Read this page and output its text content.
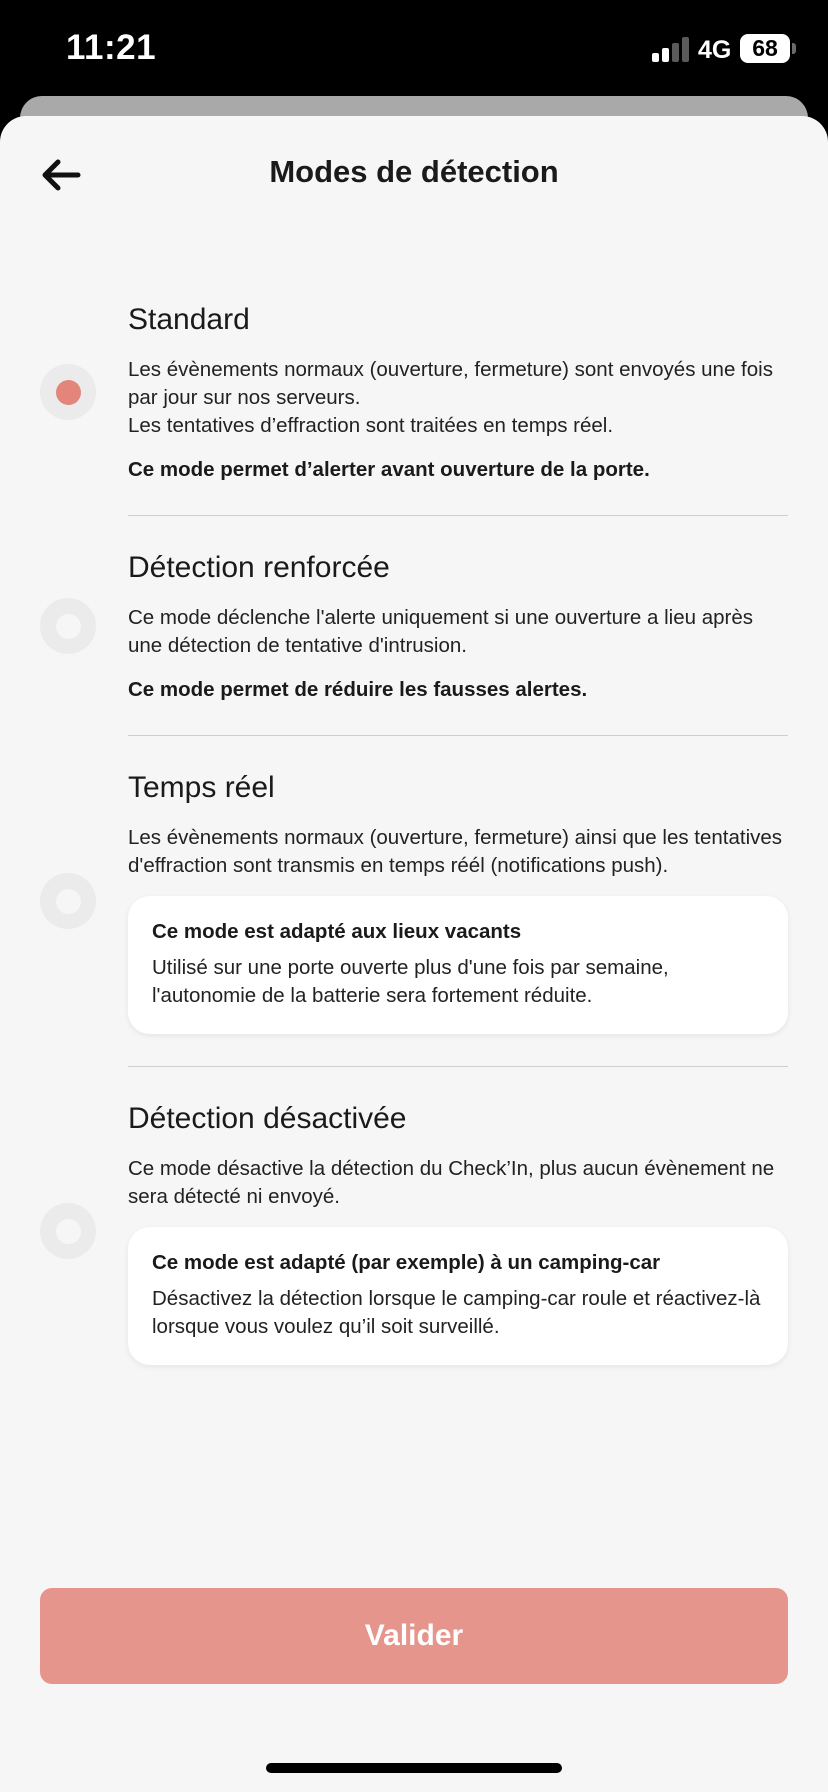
11:21	4G 68
Modes de détection
Standard
Les évènements normaux (ouverture, fermeture) sont envoyés une fois par jour sur nos serveurs.
Les tentatives d’effraction sont traitées en temps réel.
Ce mode permet d’alerter avant ouverture de la porte.
Détection renforcée
Ce mode déclenche l'alerte uniquement si une ouverture a lieu après une détection de tentative d'intrusion.
Ce mode permet de réduire les fausses alertes.
Temps réel
Les évènements normaux (ouverture, fermeture) ainsi que les tentatives d'effraction sont transmis en temps réél (notifications push).
Ce mode est adapté aux lieux vacants
Utilisé sur une porte ouverte plus d'une fois par semaine, l'autonomie de la batterie sera fortement réduite.
Détection désactivée
Ce mode désactive la détection du Check’In, plus aucun évènement ne sera détecté ni envoyé.
Ce mode est adapté (par exemple) à un camping-car
Désactivez la détection lorsque le camping-car roule et réactivez-là lorsque vous voulez qu’il soit surveillé.
Valider
